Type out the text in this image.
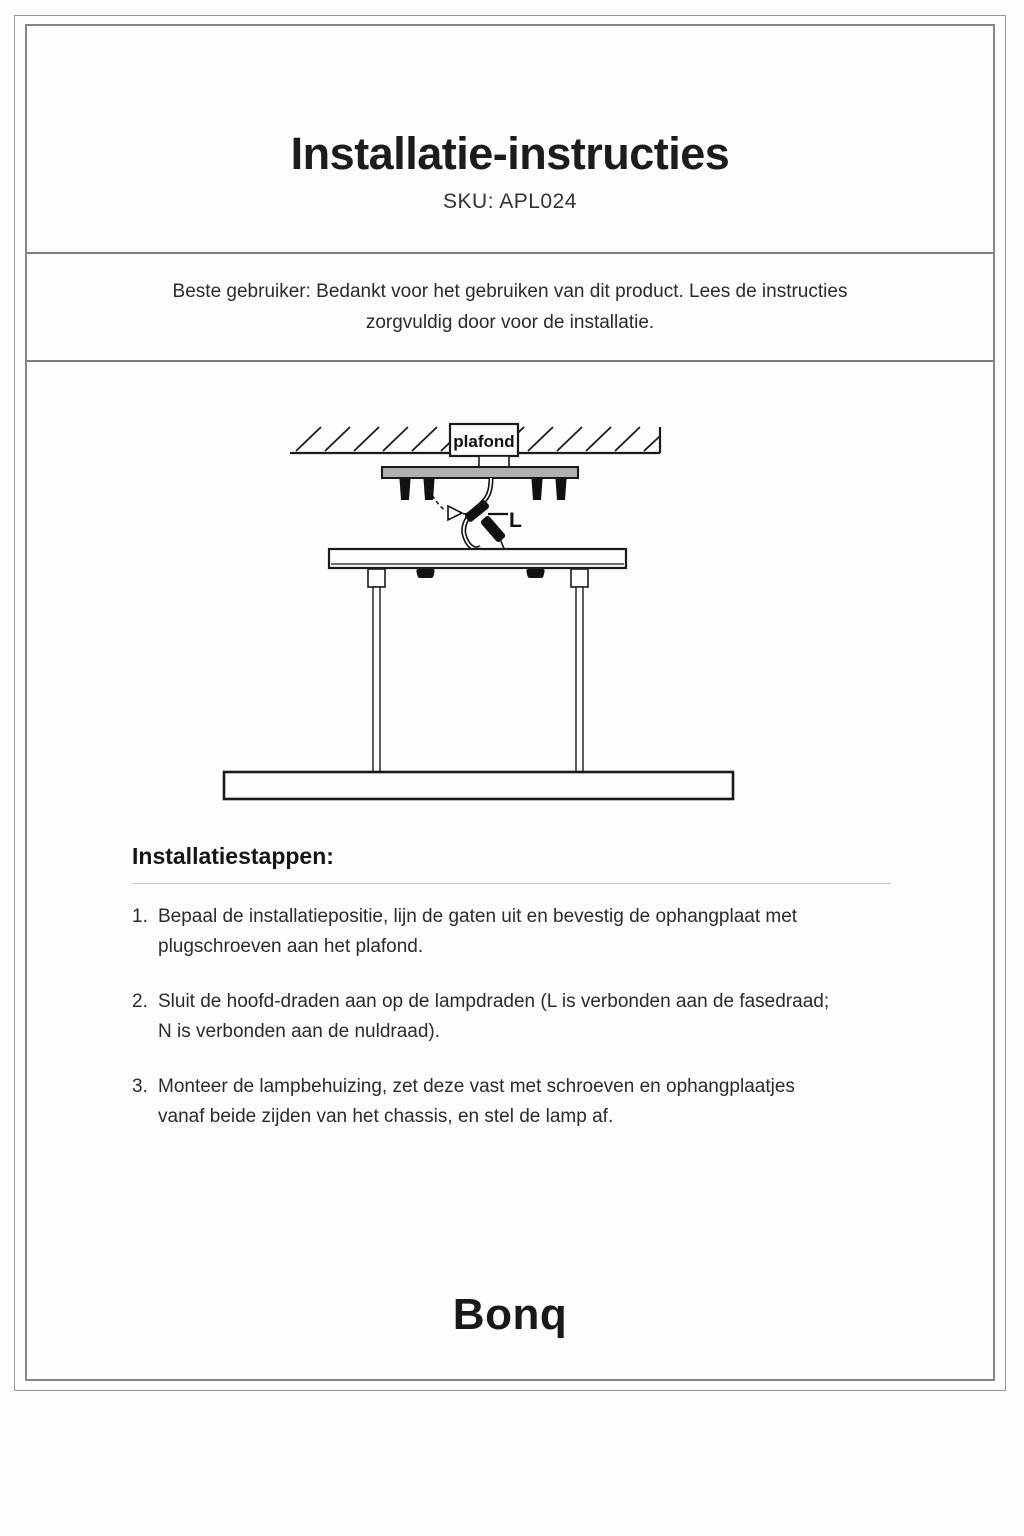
Installatie-instructies
SKU: APL024

Beste gebruiker: Bedankt voor het gebruiken van dit product. Lees de instructies
zorgvuldig door voor de installatie.

plafond
L
Installatiestappen:
1. Bepaal de installatiepositie, lijn de gaten uit en bevestig de ophangplaat met
plugschroeven aan het plafond.
2. Sluit de hoofd-draden aan op de lampdraden (L is verbonden aan de fasedraad;
N is verbonden aan de nuldraad).
3. Monteer de lampbehuizing, zet deze vast met schroeven en ophangplaatjes
vanaf beide zijden van het chassis, en stel de lamp af.
Bonq
